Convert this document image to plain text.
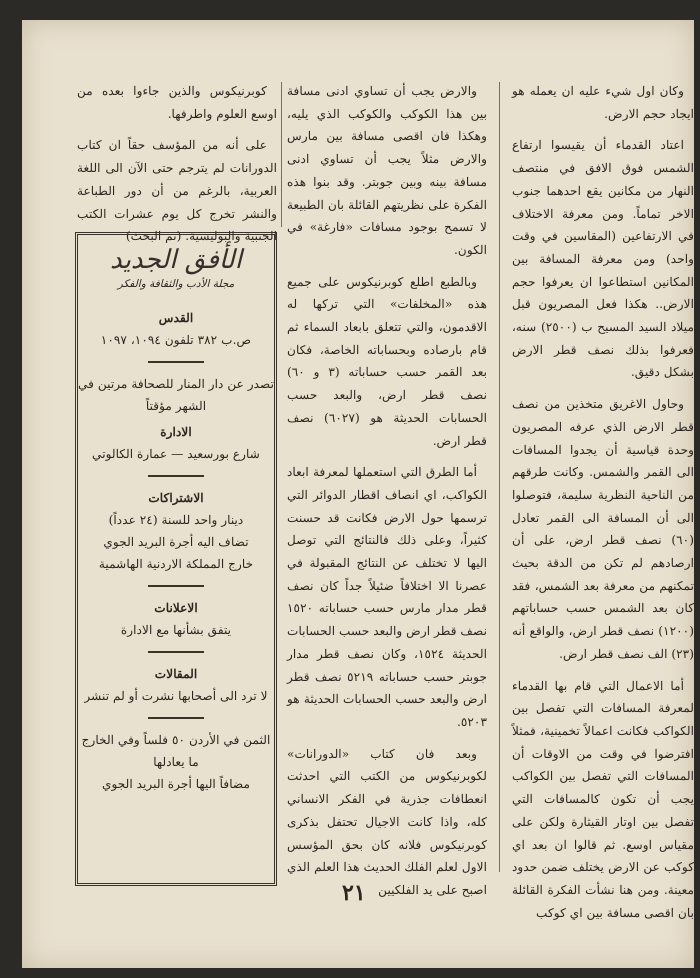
وكان اول شيء عليه ان يعمله هو ايجاد حجم الارض.

اعتاد القدماء أن يقيسوا ارتفاع الشمس فوق الافق في منتصف النهار من مكانين يقع احدهما جنوب الاخر تماماً. ومن معرفة الاختلاف في الارتفاعين (المقاسين في وقت واحد) ومن معرفة المسافة بين المكانين استطاعوا ان يعرفوا حجم الارض.. هكذا فعل المصريون قبل ميلاد السيد المسيح ب (٢٥٠٠) سنه، فعرفوا بذلك نصف قطر الارض بشكل دقيق.

وحاول الاغريق متخذين من نصف قطر الارض الذي عرفه المصريون وحدة قياسية أن يجدوا المسافات الى القمر والشمس. وكانت طرقهم من الناحية النظرية سليمة، فتوصلوا الى أن المسافة الى القمر تعادل (٦٠) نصف قطر ارض، على أن ارصادهم لم تكن من الدقة بحيث تمكنهم من معرفة بعد الشمس، فقد كان بعد الشمس حسب حساباتهم (١٢٠٠) نصف قطر ارض، والواقع أنه (٢٣) الف نصف قطر ارض.

أما الاعمال التي قام بها القدماء لمعرفة المسافات التي تفصل بين الكواكب فكانت اعمالاً تخمينية، فمثلاً افترضوا في وقت من الاوقات أن المسافات التي تفصل بين الكواكب يجب أن تكون كالمسافات التي تفصل بين اوتار القيثارة ولكن على مقياس اوسع. ثم قالوا ان بعد اي كوكب عن الارض يختلف ضمن حدود معينة. ومن هنا نشأت الفكرة القائلة بان اقصى مسافة بين اي كوكب

والارض يجب أن تساوي ادنى مسافة بين هذا الكوكب والكوكب الذي يليه، وهكذا فان اقصى مسافة بين مارس والارض مثلاً يجب أن تساوي ادنى مسافة بينه وبين جوبتر. وقد بنوا هذه الفكرة على نظريتهم القائلة بان الطبيعة لا تسمح بوجود مسافات «فارغة» في الكون.

وبالطبع اطلع كوبرنيكوس على جميع هذه «المخلفات» التي تركها له الاقدمون، والتي تتعلق بابعاد السماء ثم قام بارصاده وبحساباته الخاصة، فكان بعد القمر حسب حساباته (٣ و ٦٠) نصف قطر ارض، والبعد حسب الحسابات الحديثة هو (٦٠٢٧) نصف قطر ارض.

أما الطرق التي استعملها لمعرفة ابعاد الكواكب، اي انصاف اقطار الدوائر التي ترسمها حول الارض فكانت قد حسنت كثيراً، وعلى ذلك فالنتائج التي توصل اليها لا تختلف عن النتائج المقبولة في عصرنا الا اختلافاً ضئيلاً جداً كان نصف قطر مدار مارس حسب حساباته ١٥٢٠ نصف قطر ارض والبعد حسب الحسابات الحديثة ١٥٢٤، وكان نصف قطر مدار جوبتر حسب حساباته ٥٢١٩ نصف قطر ارض والبعد حسب الحسابات الحديثة هو ٥٢٠٣.

وبعد فان كتاب «الدورانات» لكوبرنيكوس من الكتب التي احدثت انعطافات جذرية في الفكر الانساني كله، واذا كانت الاجيال تحتفل بذكرى كوبرنيكوس فلانه كان بحق المؤسس الاول لعلم الفلك الحديث هذا العلم الذي اصبح على يد الفلكيين

كوبرنيكوس والذين جاءوا بعده من اوسع العلوم واطرفها.

على أنه من المؤسف حقاً ان كتاب الدورانات لم يترجم حتى الآن الى اللغة العربية، بالرغم من أن دور الطباعة والنشر تخرج كل يوم عشرات الكتب الجنبية والبوليسية. (تم البحث)

الأفق الجديد
مجلة الأدب والثقافة والفكر
القدس
ص.ب ٣٨٢ تلفون ١٠٩٤، ١٠٩٧
تصدر عن دار المنار للصحافة مرتين في الشهر مؤقتاً
الادارة
شارع بورسعيد — عمارة الكالوتي
الاشتراكات
دينار واحد للسنة (٢٤ عدداً)
تضاف اليه أجرة البريد الجوي
خارج المملكة الاردنية الهاشمية
الاعلانات
يتفق بشأنها مع الادارة
المقالات
لا ترد الى أصحابها نشرت أو لم تنشر
الثمن في الأردن ٥٠ فلساً وفي الخارج
ما يعادلها
مضافاً اليها أجرة البريد الجوي
٢١
